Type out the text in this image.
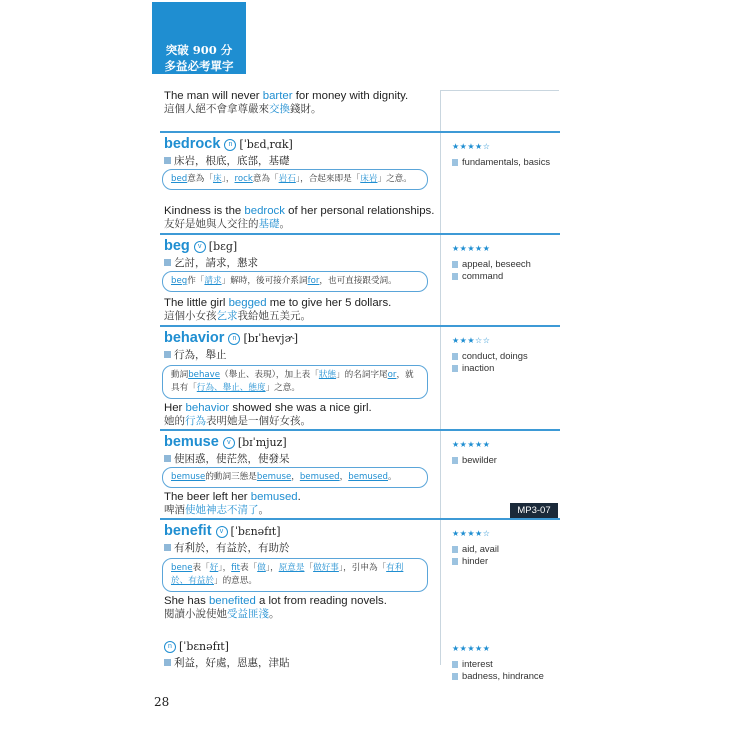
突破 900 分
多益必考單字
The man will never barter for money with dignity.
這個人絕不會拿尊嚴來交換錢財。
bedrock n [ˈbɛdˌrɑk]
床岩，根底，底部，基礎
bed意為「床」，rock意為「岩石」，合起來即是「床岩」之意。
Kindness is the bedrock of her personal relationships.
友好是她與人交往的基礎。
★★★★☆
fundamentals, basics
beg v [bɛg]
乞討，請求，懇求
beg作「請求」解時，後可接介系詞for，也可直接跟受詞。
The little girl begged me to give her 5 dollars.
這個小女孩乞求我給她五美元。
★★★★★
appeal, beseech
command
behavior n [bɪˈhevjɚ]
行為，舉止
動詞behave（舉止、表現），加上表「狀態」的名詞字尾or，就具有「行為、舉止、態度」之意。
Her behavior showed she was a nice girl.
她的行為表明她是一個好女孩。
★★★☆☆
conduct, doings
inaction
bemuse v [bɪˈmjuz]
使困惑，使茫然，使發呆
bemuse的動詞三態是bemuse，bemused，bemused。
The beer left her bemused.
啤酒使她神志不清了。
★★★★★
bewilder
MP3-07
benefit v [ˈbɛnəfɪt]
有利於，有益於，有助於
bene表「好」，fit表「做」，原意是「做好事」，引申為「有利於、有益於」的意思。
She has benefited a lot from reading novels.
閱讀小說使她受益匪淺。
★★★★☆
aid, avail
hinder
n [ˈbɛnəfɪt]
利益，好處，恩惠，津貼
★★★★★
interest
badness, hindrance
28
